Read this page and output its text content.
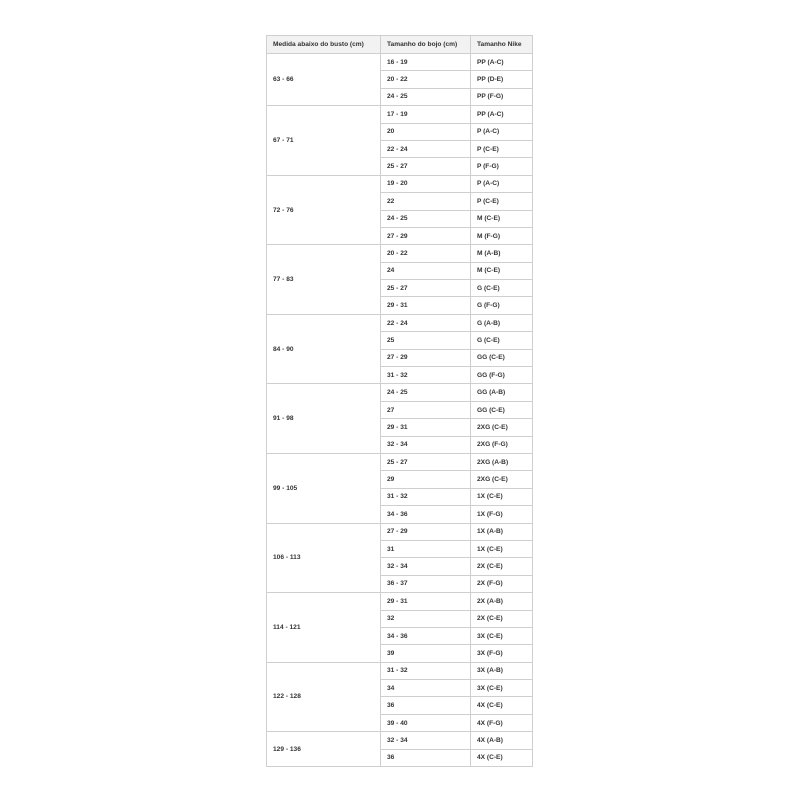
Medida abaixo do busto (cm)	Tamanho do bojo (cm)	Tamanho Nike
63 - 66	16 - 19	PP (A-C)
	20 - 22	PP (D-E)
	24 - 25	PP (F-G)
67 - 71	17 - 19	PP (A-C)
	20	P (A-C)
	22 - 24	P (C-E)
	25 - 27	P (F-G)
72 - 76	19 - 20	P (A-C)
	22	P (C-E)
	24 - 25	M (C-E)
	27 - 29	M (F-G)
77 - 83	20 - 22	M (A-B)
	24	M (C-E)
	25 - 27	G (C-E)
	29 - 31	G (F-G)
84 - 90	22 - 24	G (A-B)
	25	G (C-E)
	27 - 29	GG (C-E)
	31 - 32	GG (F-G)
91 - 98	24 - 25	GG (A-B)
	27	GG (C-E)
	29 - 31	2XG (C-E)
	32 - 34	2XG (F-G)
99 - 105	25 - 27	2XG (A-B)
	29	2XG (C-E)
	31 - 32	1X (C-E)
	34 - 36	1X (F-G)
106 - 113	27 - 29	1X (A-B)
	31	1X (C-E)
	32 - 34	2X (C-E)
	36 - 37	2X (F-G)
114 - 121	29 - 31	2X (A-B)
	32	2X (C-E)
	34 - 36	3X (C-E)
	39	3X (F-G)
122 - 128	31 - 32	3X (A-B)
	34	3X (C-E)
	36	4X (C-E)
	39 - 40	4X (F-G)
129 - 136	32 - 34	4X (A-B)
	36	4X (C-E)
